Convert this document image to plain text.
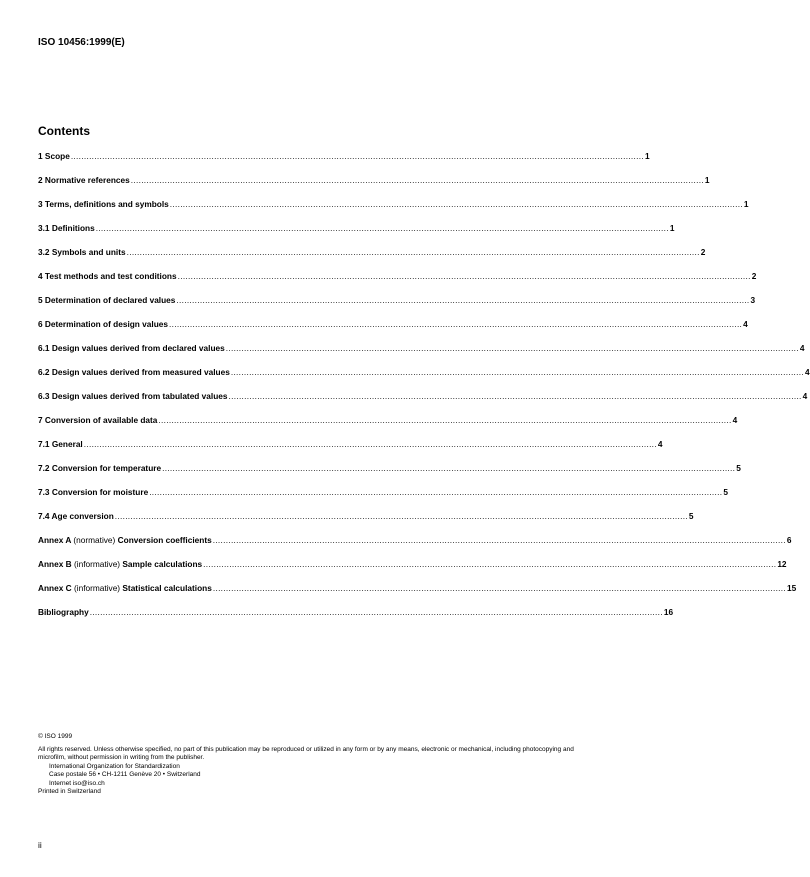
ISO 10456:1999(E)
Contents
1 Scope ............................................................................................................................................................................................................................ 1
2 Normative references ............................................................................................................................................................................................................................ 1
3 Terms, definitions and symbols ............................................................................................................................................................................................................................ 1
3.1 Definitions ............................................................................................................................................................................................................................ 1
3.2 Symbols and units ............................................................................................................................................................................................................................ 2
4 Test methods and test conditions ............................................................................................................................................................................................................................ 2
5 Determination of declared values ............................................................................................................................................................................................................................ 3
6 Determination of design values ............................................................................................................................................................................................................................ 4
6.1 Design values derived from declared values ............................................................................................................................................................................................................................ 4
6.2 Design values derived from measured values ............................................................................................................................................................................................................................ 4
6.3 Design values derived from tabulated values ............................................................................................................................................................................................................................ 4
7 Conversion of available data ............................................................................................................................................................................................................................ 4
7.1 General ............................................................................................................................................................................................................................ 4
7.2 Conversion for temperature ............................................................................................................................................................................................................................ 5
7.3 Conversion for moisture ............................................................................................................................................................................................................................ 5
7.4 Age conversion ............................................................................................................................................................................................................................ 5
Annex A (normative) Conversion coefficients ............................................................................................................................................................................................................................ 6
Annex B (informative) Sample calculations ............................................................................................................................................................................................................................ 12
Annex C (informative) Statistical calculations ............................................................................................................................................................................................................................ 15
Bibliography ............................................................................................................................................................................................................................ 16

© ISO 1999

All rights reserved. Unless otherwise specified, no part of this publication may be reproduced or utilized in any form or by any means, electronic or mechanical, including photocopying and microfilm, without permission in writing from the publisher.

International Organization for Standardization

Case postale 56 • CH-1211 Genève 20 • Switzerland

Internet iso@iso.ch

Printed in Switzerland

ii
